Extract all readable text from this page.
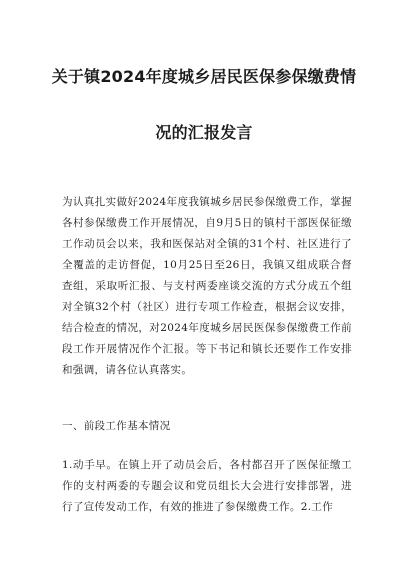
关于镇2024年度城乡居民医保参保缴费情
况的汇报发言

为认真扎实做好2024年度我镇城乡居民参保缴费工作，掌握各村参保缴费工作开展情况，自9月5日的镇村干部医保征缴工作动员会以来，我和医保站对全镇的31个村、社区进行了全覆盖的走访督促，10月25日至26日，我镇又组成联合督查组，采取听汇报、与支村两委座谈交流的方式分成五个组对全镇32个村（社区）进行专项工作检查，根据会议安排，结合检查的情况，对2024年度城乡居民医保参保缴费工作前段工作开展情况作个汇报。等下书记和镇长还要作工作安排和强调，请各位认真落实。

一、前段工作基本情况

1.动手早。在镇上开了动员会后，各村都召开了医保征缴工作的支村两委的专题会议和党员组长大会进行安排部署，进行了宣传发动工作，有效的推进了参保缴费工作。2.工作
